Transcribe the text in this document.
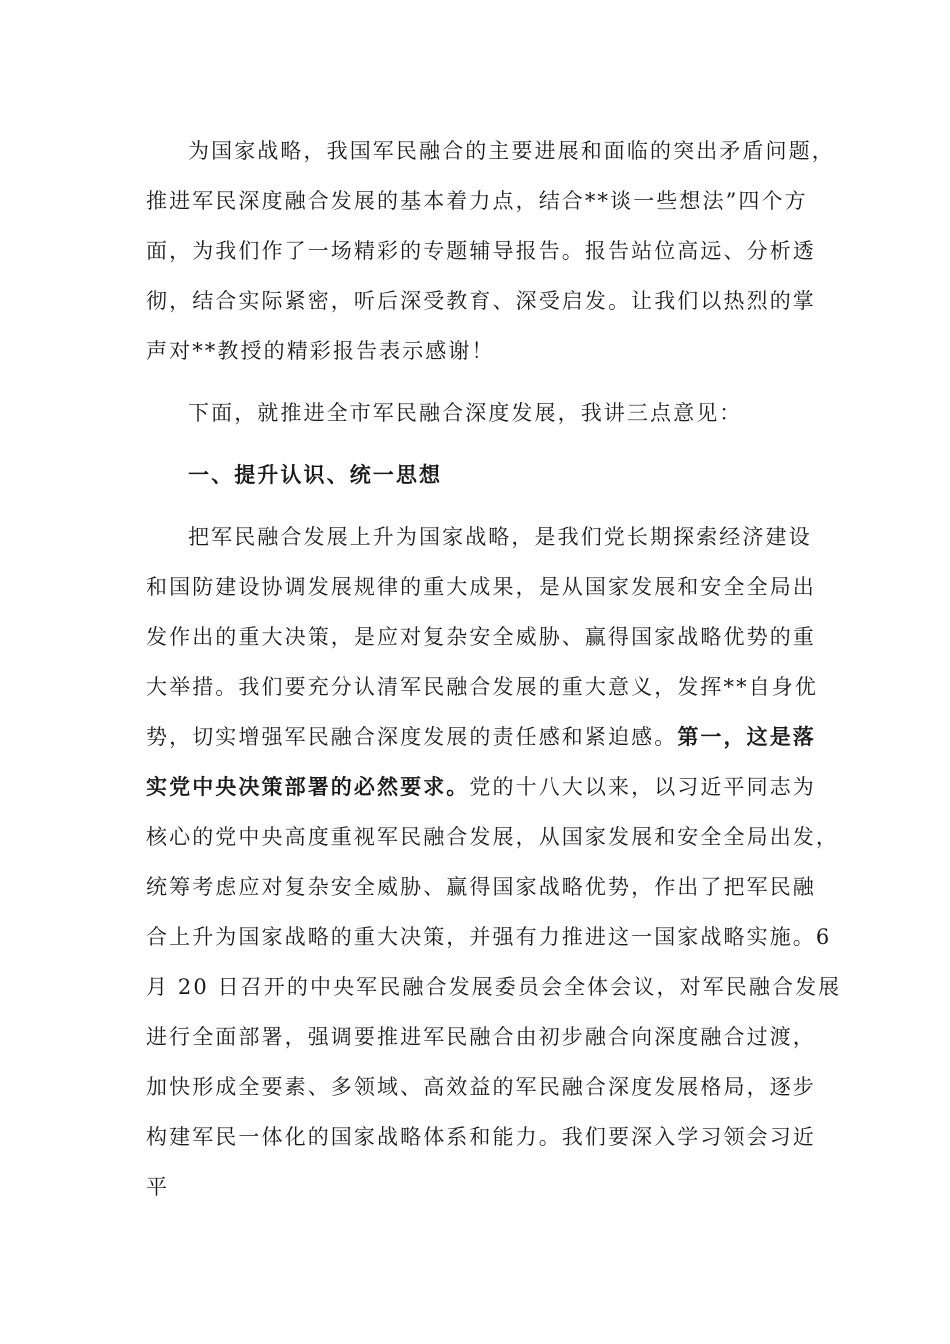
为国家战略，我国军民融合的主要进展和面临的突出矛盾问题，
推进军民深度融合发展的基本着力点，结合**谈一些想法”四个方
面，为我们作了一场精彩的专题辅导报告。报告站位高远、分析透
彻，结合实际紧密，听后深受教育、深受启发。让我们以热烈的掌
声对**教授的精彩报告表示感谢！
下面，就推进全市军民融合深度发展，我讲三点意见：
一、提升认识、统一思想
把军民融合发展上升为国家战略，是我们党长期探索经济建设
和国防建设协调发展规律的重大成果，是从国家发展和安全全局出
发作出的重大决策，是应对复杂安全威胁、赢得国家战略优势的重
大举措。我们要充分认清军民融合发展的重大意义，发挥**自身优
势，切实增强军民融合深度发展的责任感和紧迫感。第一，这是落
实党中央决策部署的必然要求。党的十八大以来，以习近平同志为
核心的党中央高度重视军民融合发展，从国家发展和安全全局出发，
统筹考虑应对复杂安全威胁、赢得国家战略优势，作出了把军民融
合上升为国家战略的重大决策，并强有力推进这一国家战略实施。6
月 20 日召开的中央军民融合发展委员会全体会议，对军民融合发展
进行全面部署，强调要推进军民融合由初步融合向深度融合过渡，
加快形成全要素、多领域、高效益的军民融合深度发展格局，逐步
构建军民一体化的国家战略体系和能力。我们要深入学习领会习近
平
